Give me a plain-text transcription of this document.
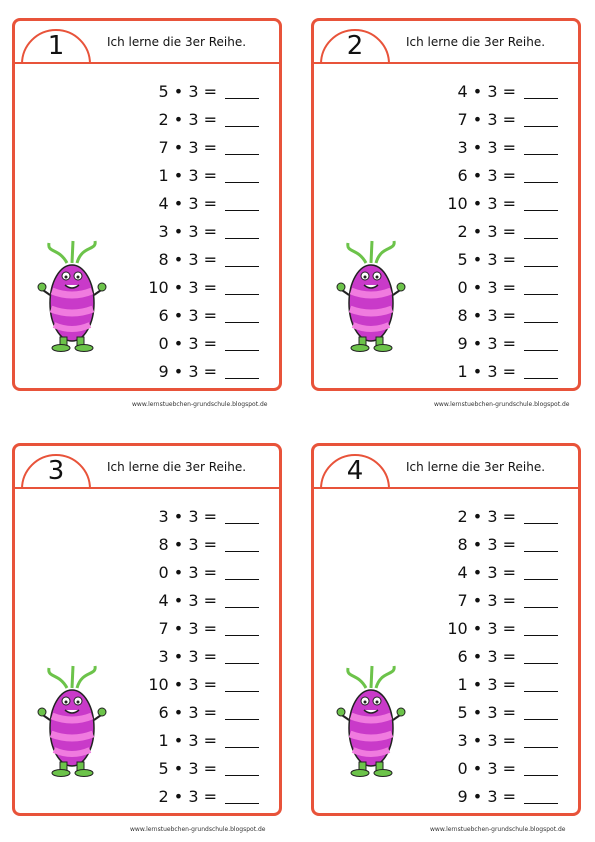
1	Ich lerne die 3er Reihe.
5 • 3 =
2 • 3 =
7 • 3 =
1 • 3 =
4 • 3 =
3 • 3 =
8 • 3 =
10 • 3 =
6 • 3 =
0 • 3 =
9 • 3 =
2	Ich lerne die 3er Reihe.
4 • 3 =
7 • 3 =
3 • 3 =
6 • 3 =
10 • 3 =
2 • 3 =
5 • 3 =
0 • 3 =
8 • 3 =
9 • 3 =
1 • 3 =
3	Ich lerne die 3er Reihe.
3 • 3 =
8 • 3 =
0 • 3 =
4 • 3 =
7 • 3 =
3 • 3 =
10 • 3 =
6 • 3 =
1 • 3 =
5 • 3 =
2 • 3 =
4	Ich lerne die 3er Reihe.
2 • 3 =
8 • 3 =
4 • 3 =
7 • 3 =
10 • 3 =
6 • 3 =
1 • 3 =
5 • 3 =
3 • 3 =
0 • 3 =
9 • 3 =
www.lernstuebchen-grundschule.blogspot.de	www.lernstuebchen-grundschule.blogspot.de
www.lernstuebchen-grundschule.blogspot.de	www.lernstuebchen-grundschule.blogspot.de
